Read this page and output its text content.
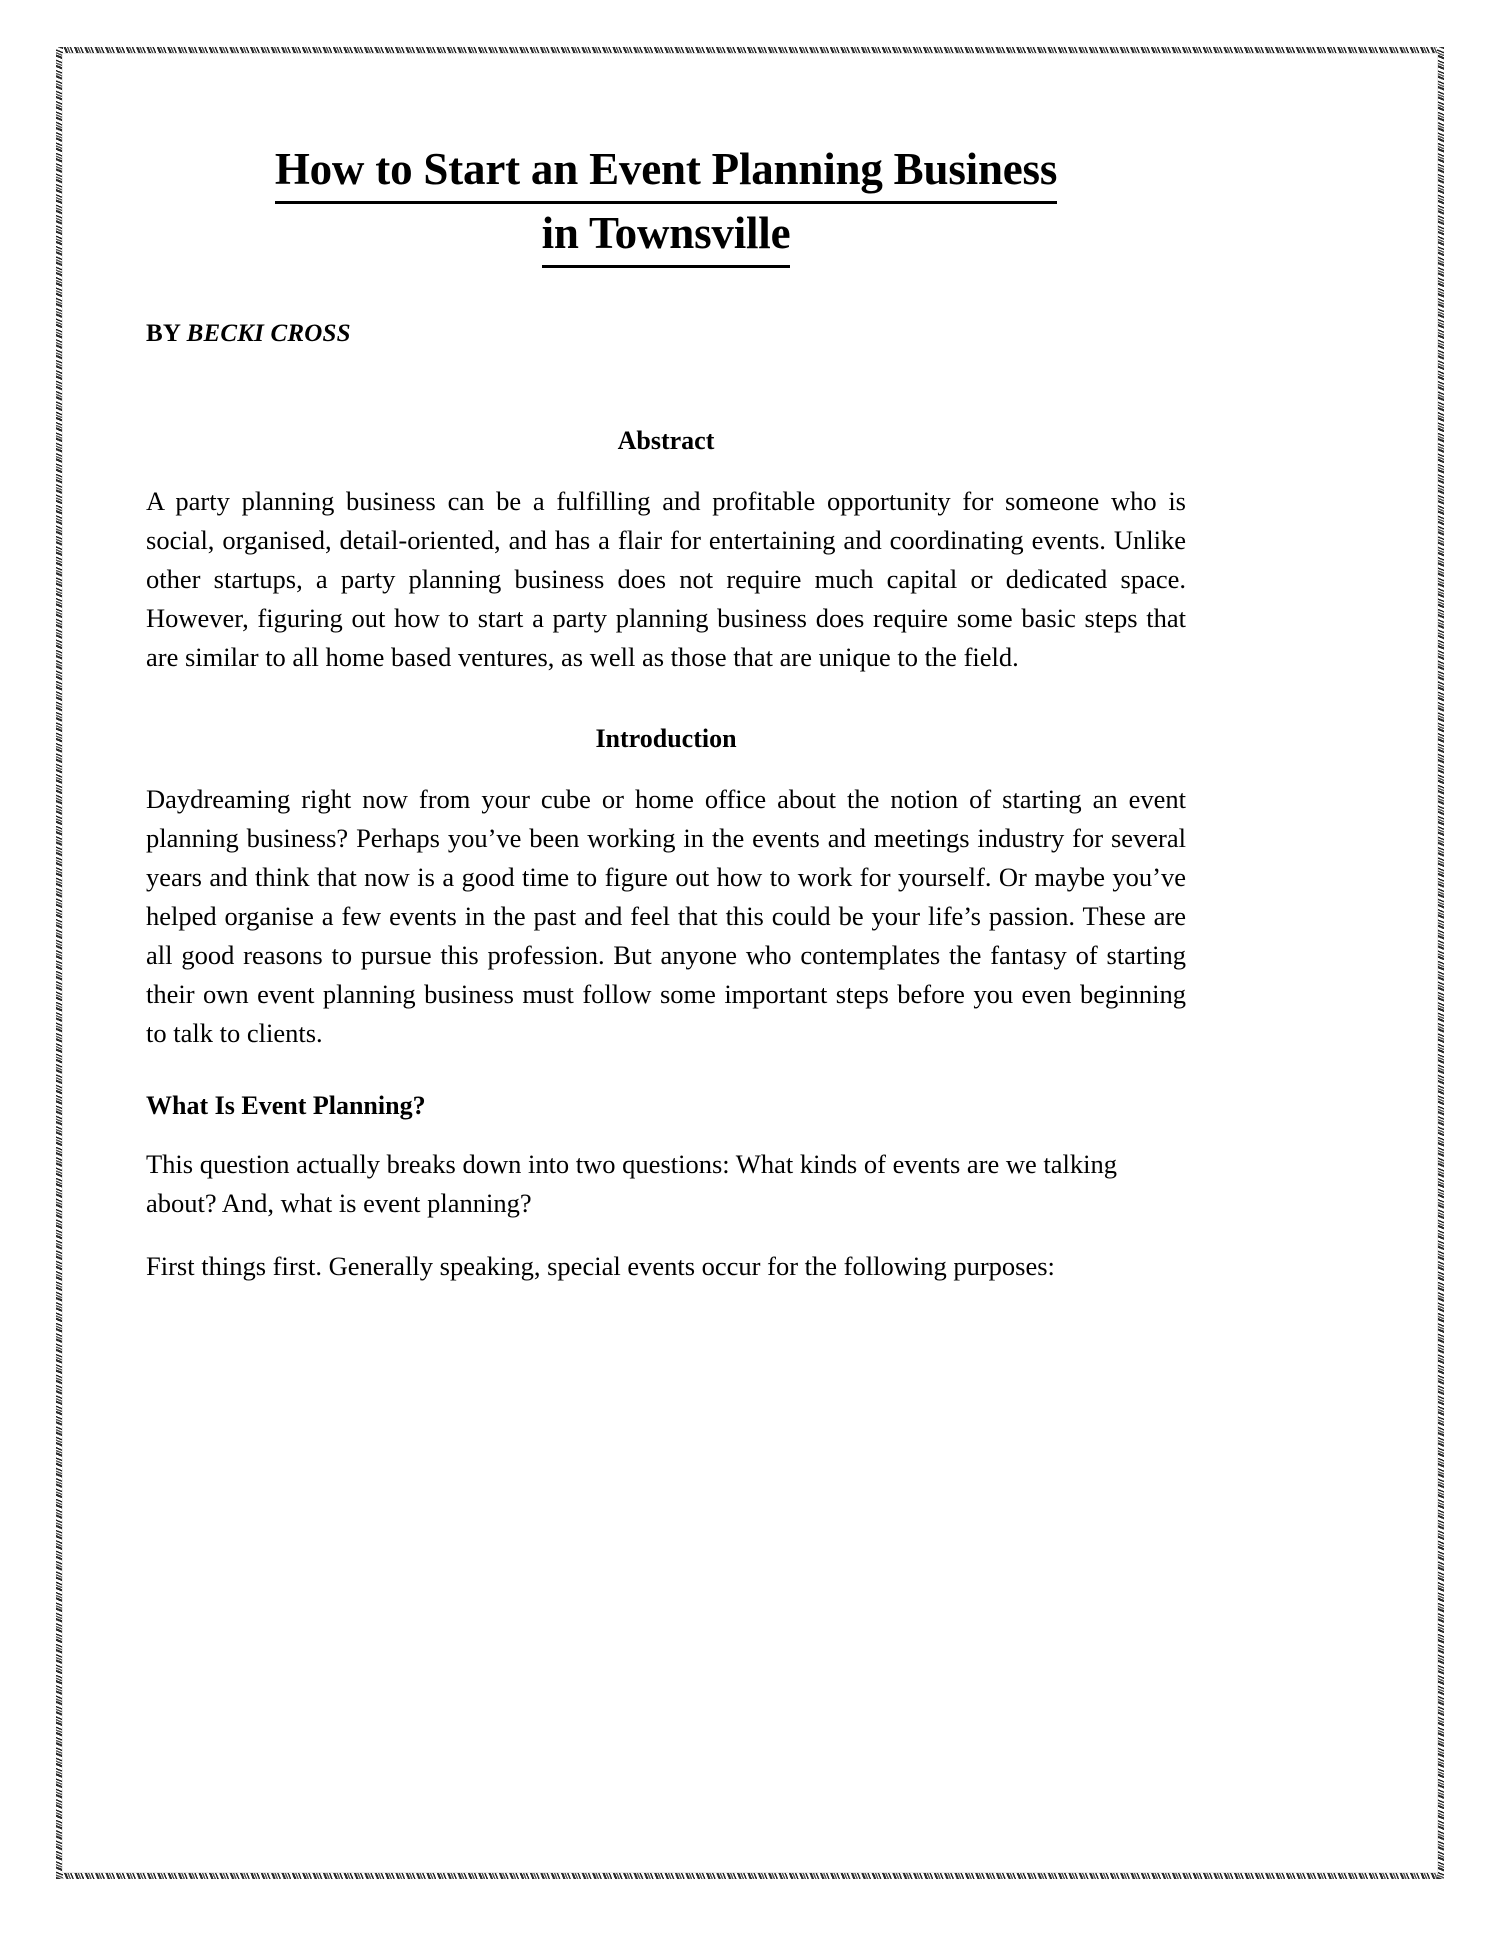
How to Start an Event Planning Business in Townsville
BY BECKI CROSS
Abstract

A party planning business can be a fulfilling and profitable opportunity for someone who is social, organised, detail-oriented, and has a flair for entertaining and coordinating events. Unlike other startups, a party planning business does not require much capital or dedicated space. However, figuring out how to start a party planning business does require some basic steps that are similar to all home based ventures, as well as those that are unique to the field.

Introduction

Daydreaming right now from your cube or home office about the notion of starting an event planning business? Perhaps you’ve been working in the events and meetings industry for several years and think that now is a good time to figure out how to work for yourself. Or maybe you’ve helped organise a few events in the past and feel that this could be your life’s passion. These are all good reasons to pursue this profession. But anyone who contemplates the fantasy of starting their own event planning business must follow some important steps before you even beginning to talk to clients.

What Is Event Planning?

This question actually breaks down into two questions: What kinds of events are we talking about? And, what is event planning?

First things first. Generally speaking, special events occur for the following purposes:
